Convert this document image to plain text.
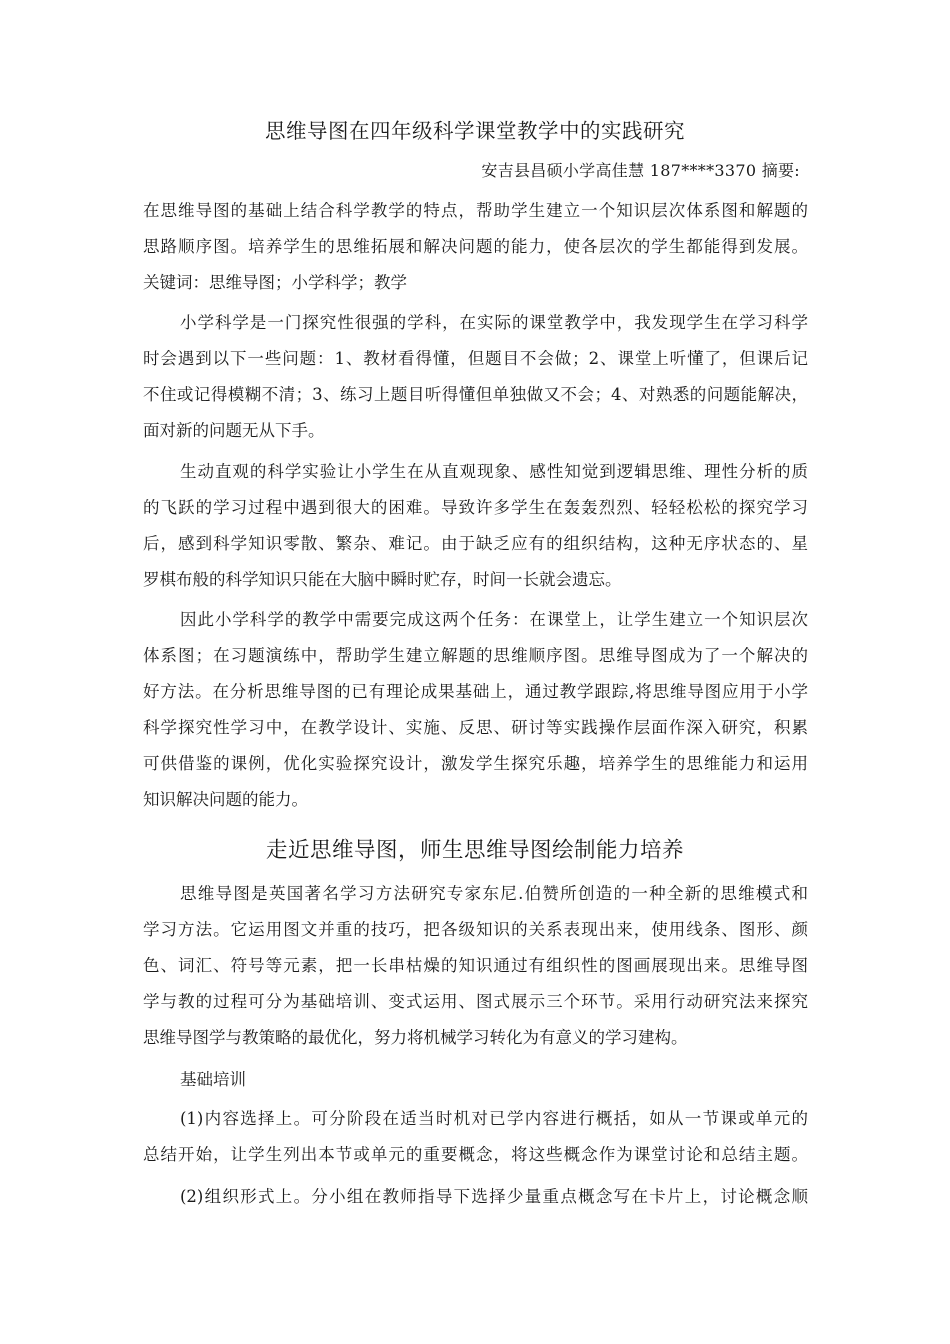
思维导图在四年级科学课堂教学中的实践研究
安吉县昌硕小学高佳慧 187****3370 摘要:
在思维导图的基础上结合科学教学的特点，帮助学生建立一个知识层次体系图和解题的
思路顺序图。培养学生的思维拓展和解决问题的能力，使各层次的学生都能得到发展。
关键词：思维导图；小学科学；教学
小学科学是一门探究性很强的学科，在实际的课堂教学中，我发现学生在学习科学
时会遇到以下一些问题：1、教材看得懂，但题目不会做；2、课堂上听懂了，但课后记
不住或记得模糊不清；3、练习上题目听得懂但单独做又不会；4、对熟悉的问题能解决，
面对新的问题无从下手。
生动直观的科学实验让小学生在从直观现象、感性知觉到逻辑思维、理性分析的质
的飞跃的学习过程中遇到很大的困难。导致许多学生在轰轰烈烈、轻轻松松的探究学习
后，感到科学知识零散、繁杂、难记。由于缺乏应有的组织结构，这种无序状态的、星
罗棋布般的科学知识只能在大脑中瞬时贮存，时间一长就会遗忘。
因此小学科学的教学中需要完成这两个任务：在课堂上，让学生建立一个知识层次
体系图；在习题演练中，帮助学生建立解题的思维顺序图。思维导图成为了一个解决的
好方法。在分析思维导图的已有理论成果基础上，通过教学跟踪,将思维导图应用于小学
科学探究性学习中，在教学设计、实施、反思、研讨等实践操作层面作深入研究，积累
可供借鉴的课例，优化实验探究设计，激发学生探究乐趣，培养学生的思维能力和运用
知识解决问题的能力。
走近思维导图，师生思维导图绘制能力培养
思维导图是英国著名学习方法研究专家东尼.伯赞所创造的一种全新的思维模式和
学习方法。它运用图文并重的技巧，把各级知识的关系表现出来，使用线条、图形、颜
色、词汇、符号等元素，把一长串枯燥的知识通过有组织性的图画展现出来。思维导图
学与教的过程可分为基础培训、变式运用、图式展示三个环节。采用行动研究法来探究
思维导图学与教策略的最优化，努力将机械学习转化为有意义的学习建构。
基础培训
(1)内容选择上。可分阶段在适当时机对已学内容进行概括，如从一节课或单元的
总结开始，让学生列出本节或单元的重要概念，将这些概念作为课堂讨论和总结主题。
(2)组织形式上。分小组在教师指导下选择少量重点概念写在卡片上，讨论概念顺
